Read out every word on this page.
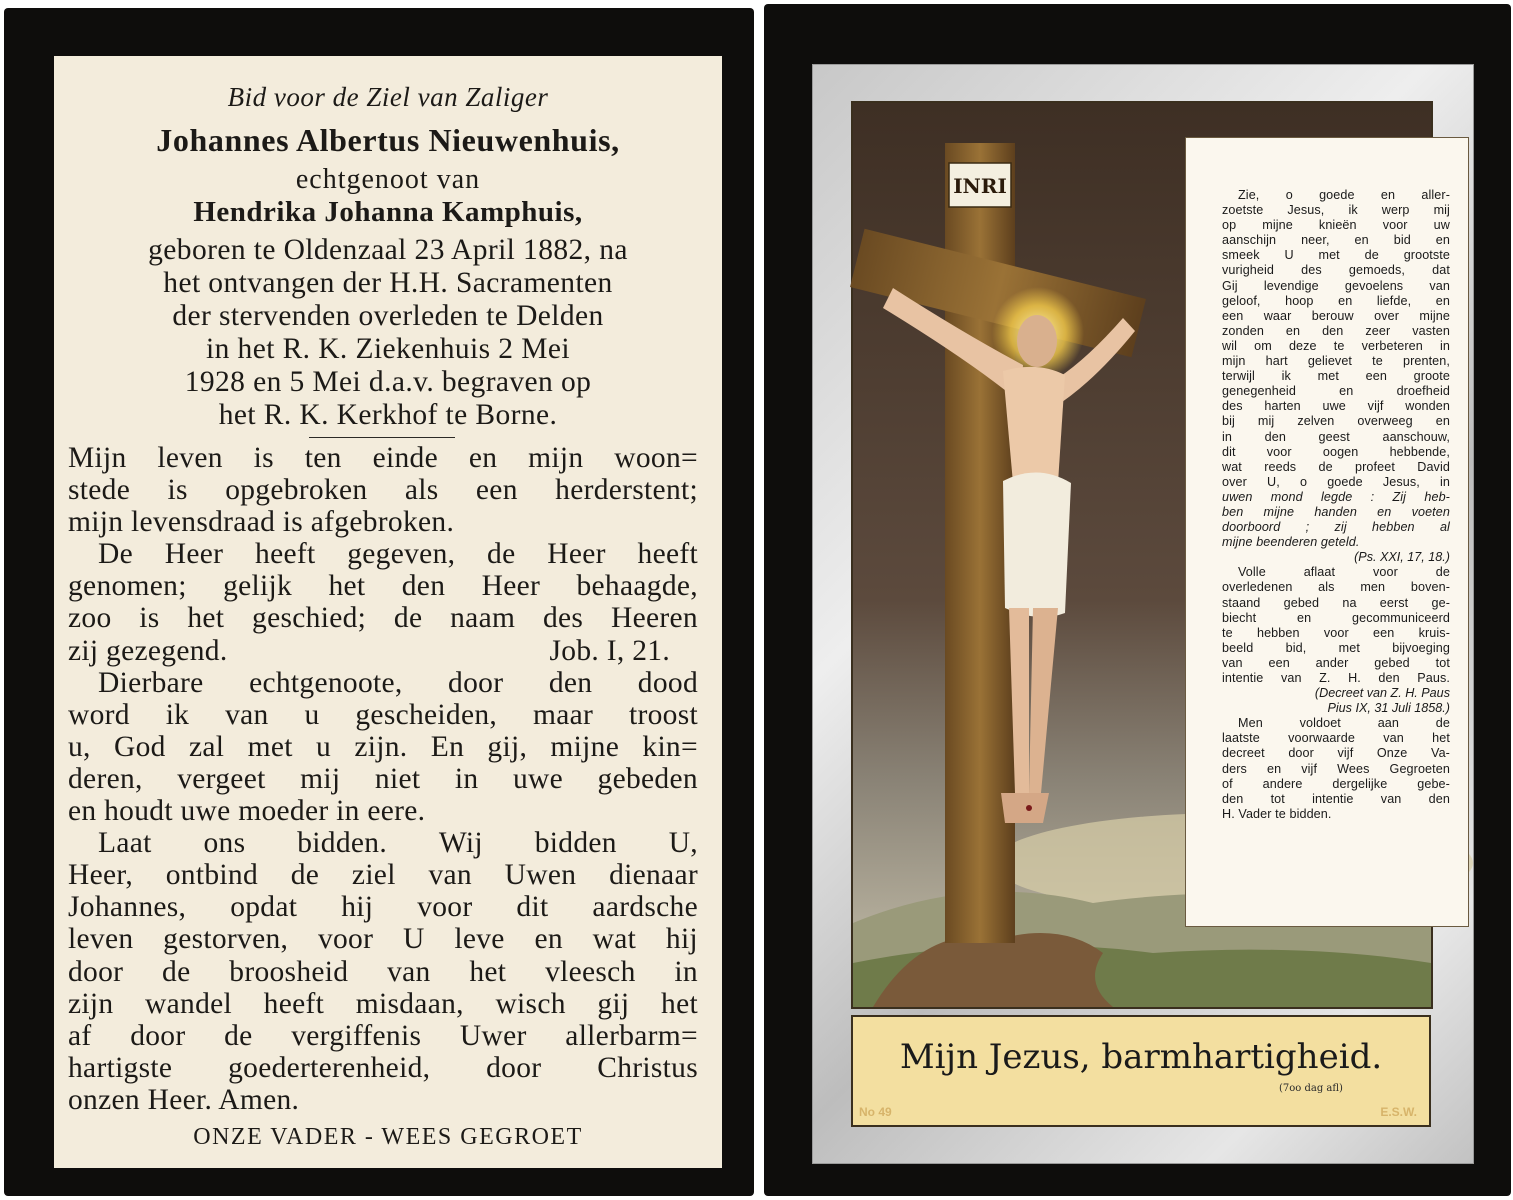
Bid voor de Ziel van Zaliger
Johannes Albertus Nieuwenhuis,
echtgenoot van
Hendrika Johanna Kamphuis,
geboren te Oldenzaal 23 April 1882, na
het ontvangen der H.H. Sacramenten
der stervenden overleden te Delden
in het R. K. Ziekenhuis 2 Mei
1928 en 5 Mei d.a.v. begraven op
het R. K. Kerkhof te Borne.
Mijn leven is ten einde en mijn woon=
stede is opgebroken als een herderstent;
mijn levensdraad is afgebroken.
De Heer heeft gegeven, de Heer heeft
genomen; gelijk het den Heer behaagde,
zoo is het geschied; de naam des Heeren
zij gezegend.	Job. I, 21.
Dierbare echtgenoote, door den dood
word ik van u gescheiden, maar troost
u, God zal met u zijn. En gij, mijne kin=
deren, vergeet mij niet in uwe gebeden
en houdt uwe moeder in eere.
Laat ons bidden. Wij bidden U,
Heer, ontbind de ziel van Uwen dienaar
Johannes, opdat hij voor dit aardsche
leven gestorven, voor U leve en wat hij
door de broosheid van het vleesch in
zijn wandel heeft misdaan, wisch gij het
af door de vergiffenis Uwer allerbarm=
hartigste goederterenheid, door Christus
onzen Heer. Amen.
ONZE VADER - WEES GEGROET
INRI	Zie, o goede en aller-
zoetste Jesus, ik werp mij
op mijne knieën voor uw
aanschijn neer, en bid en
smeek U met de grootste
vurigheid des gemoeds, dat
Gij levendige gevoelens van
geloof, hoop en liefde, en
een waar berouw over mijne
zonden en den zeer vasten
wil om deze te verbeteren in
mijn hart gelievet te prenten,
terwijl ik met een groote
genegenheid	en	droefheid
des harten uwe vijf wonden
bij mij zelven overweeg en
in	den	geest	aanschouw,
dit voor oogen hebbende,
wat reeds de profeet David
over U, o goede Jesus, in
uwen mond legde : Zij heb-
ben mijne handen en voeten
doorboord ; zij hebben al
mijne beenderen geteld.
(Ps. XXI, 17, 18.)
Volle	aflaat	voor	de
overledenen als men boven-
staand gebed na eerst ge-
biecht	en	gecommuniceerd
te hebben voor een kruis-
beeld	bid,	met	bijvoeging
van een ander gebed tot
intentie van Z. H. den Paus.
(Decreet van Z. H. Paus
Pius IX, 31 Juli 1858.)
Men	voldoet	aan	de
laatste voorwaarde van het
decreet door vijf Onze Va-
ders en vijf Wees Gegroeten
of andere dergelijke gebe-
den tot intentie van den
H. Vader te bidden.
Mijn Jezus, barmhartigheid.
(7oo dag afl)
No 49	E.S.W.
